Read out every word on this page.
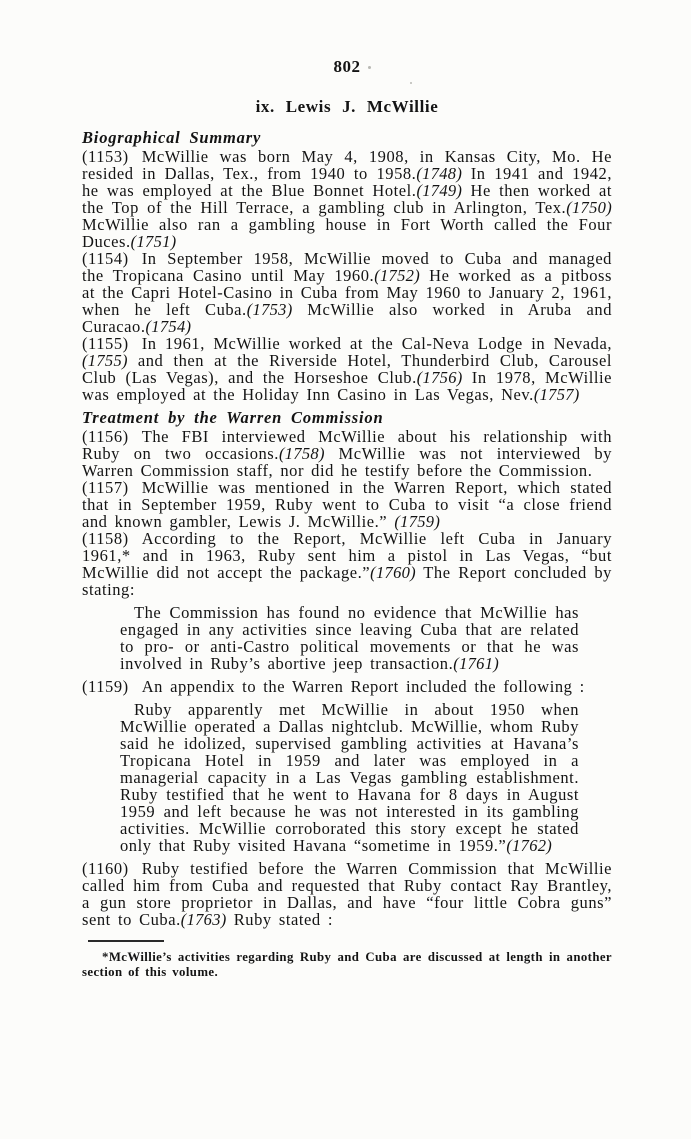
802
ix. Lewis J. McWillie
Biographical Summary

(1153) McWillie was born May 4, 1908, in Kansas City, Mo. He resided in Dallas, Tex., from 1940 to 1958.(1748) In 1941 and 1942, he was employed at the Blue Bonnet Hotel.(1749) He then worked at the Top of the Hill Terrace, a gambling club in Arlington, Tex.(1750) McWillie also ran a gambling house in Fort Worth called the Four Duces.(1751)

(1154) In September 1958, McWillie moved to Cuba and managed the Tropicana Casino until May 1960.(1752) He worked as a pitboss at the Capri Hotel-Casino in Cuba from May 1960 to January 2, 1961, when he left Cuba.(1753) McWillie also worked in Aruba and Curacao.(1754)

(1155) In 1961, McWillie worked at the Cal-Neva Lodge in Nevada,(1755) and then at the Riverside Hotel, Thunderbird Club, Carousel Club (Las Vegas), and the Horseshoe Club.(1756) In 1978, McWillie was employed at the Holiday Inn Casino in Las Vegas, Nev.(1757)

Treatment by the Warren Commission

(1156) The FBI interviewed McWillie about his relationship with Ruby on two occasions.(1758) McWillie was not interviewed by Warren Commission staff, nor did he testify before the Commission.

(1157) McWillie was mentioned in the Warren Report, which stated that in September 1959, Ruby went to Cuba to visit “a close friend and known gambler, Lewis J. McWillie.” (1759)

(1158) According to the Report, McWillie left Cuba in January 1961,* and in 1963, Ruby sent him a pistol in Las Vegas, “but McWillie did not accept the package.”(1760) The Report concluded by stating:

The Commission has found no evidence that McWillie has engaged in any activities since leaving Cuba that are related to pro- or anti-Castro political movements or that he was involved in Ruby’s abortive jeep transaction.(1761)

(1159) An appendix to the Warren Report included the following :

Ruby apparently met McWillie in about 1950 when McWillie operated a Dallas nightclub. McWillie, whom Ruby said he idolized, supervised gambling activities at Havana’s Tropicana Hotel in 1959 and later was employed in a managerial capacity in a Las Vegas gambling establishment. Ruby testified that he went to Havana for 8 days in August 1959 and left because he was not interested in its gambling activities. McWillie corroborated this story except he stated only that Ruby visited Havana “sometime in 1959.”(1762)

(1160) Ruby testified before the Warren Commission that McWillie called him from Cuba and requested that Ruby contact Ray Brantley, a gun store proprietor in Dallas, and have “four little Cobra guns” sent to Cuba.(1763) Ruby stated :

*McWillie’s activities regarding Ruby and Cuba are discussed at length in another section of this volume.
